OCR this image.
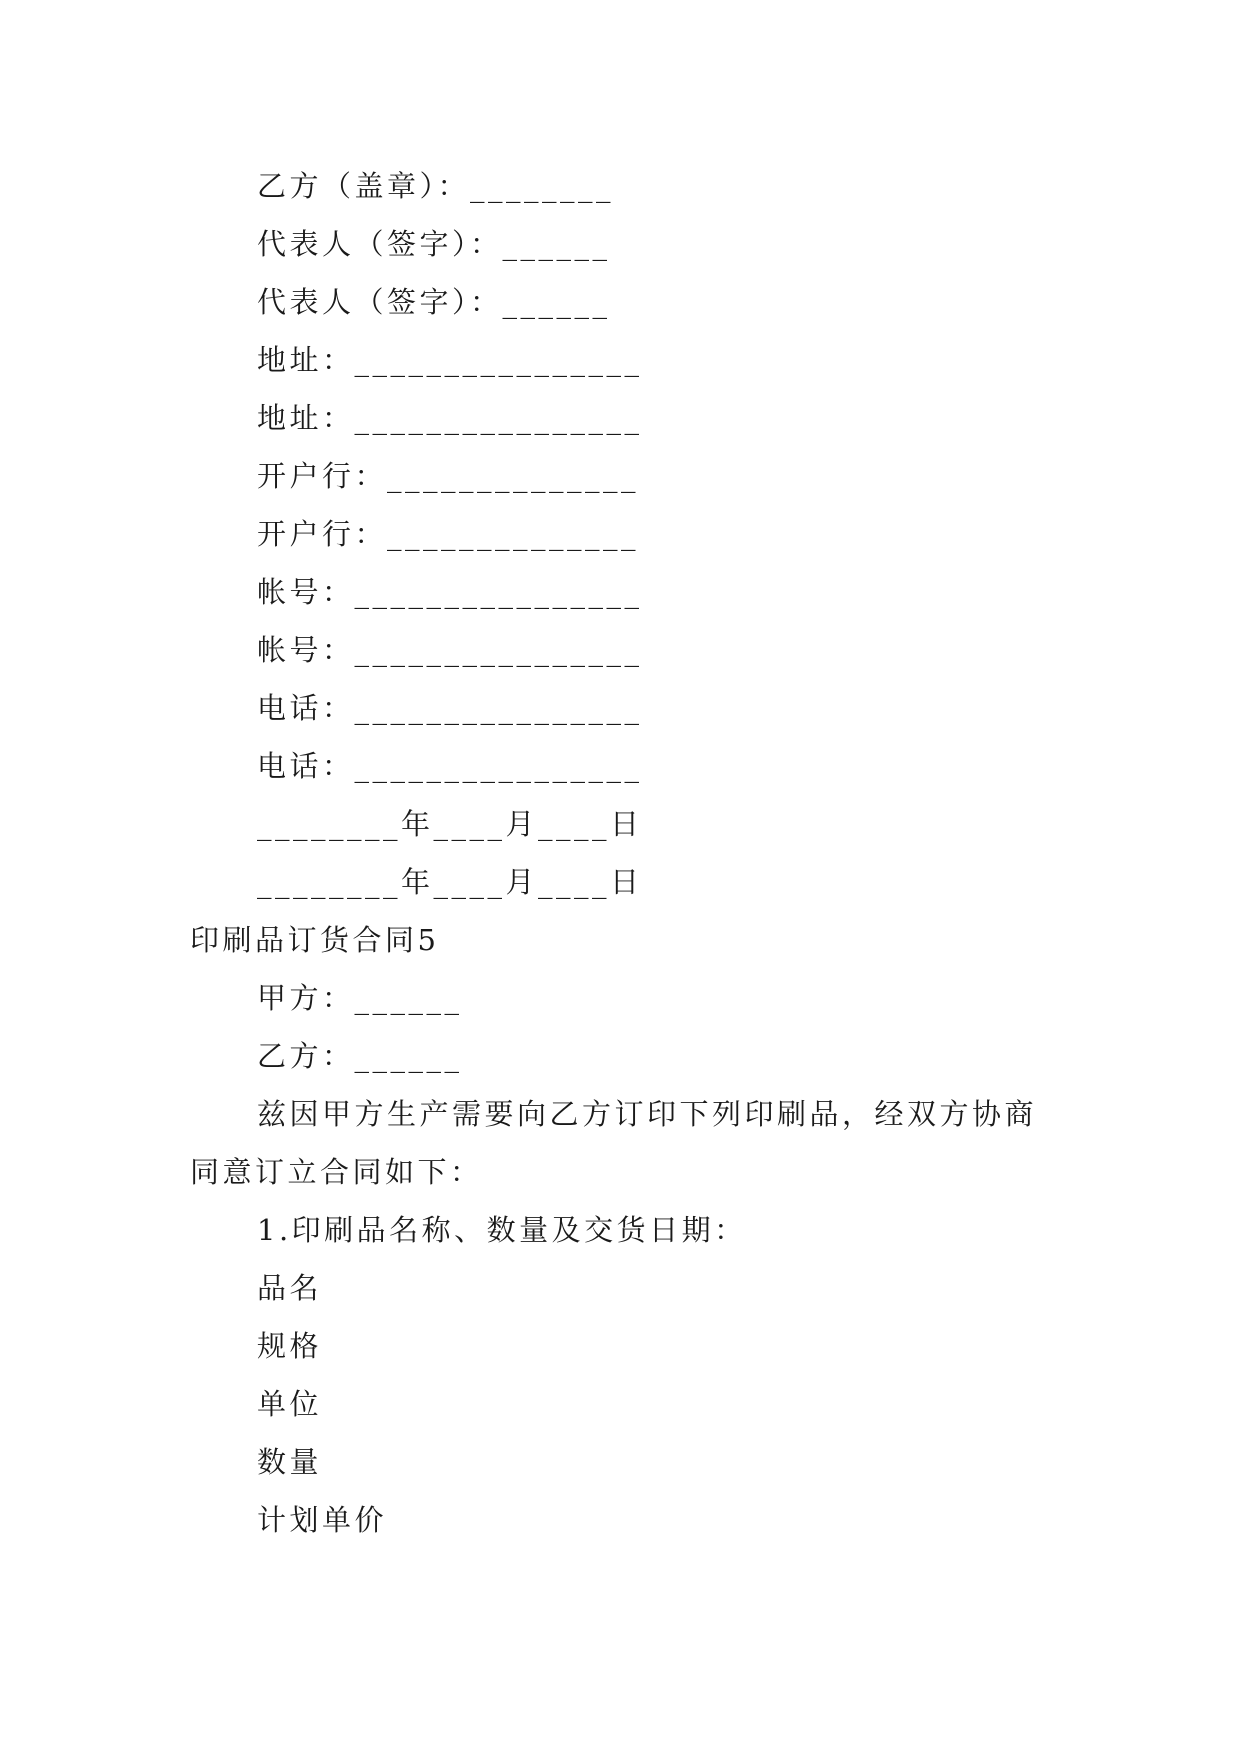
乙方（盖章）：________
代表人（签字）：______
代表人（签字）：______
地址：________________
地址：________________
开户行：______________
开户行：______________
帐号：________________
帐号：________________
电话：________________
电话：________________
________年____月____日
________年____月____日
印刷品订货合同5
甲方：______
乙方：______
兹因甲方生产需要向乙方订印下列印刷品，经双方协商
同意订立合同如下：
1.印刷品名称、数量及交货日期：
品名
规格
单位
数量
计划单价
